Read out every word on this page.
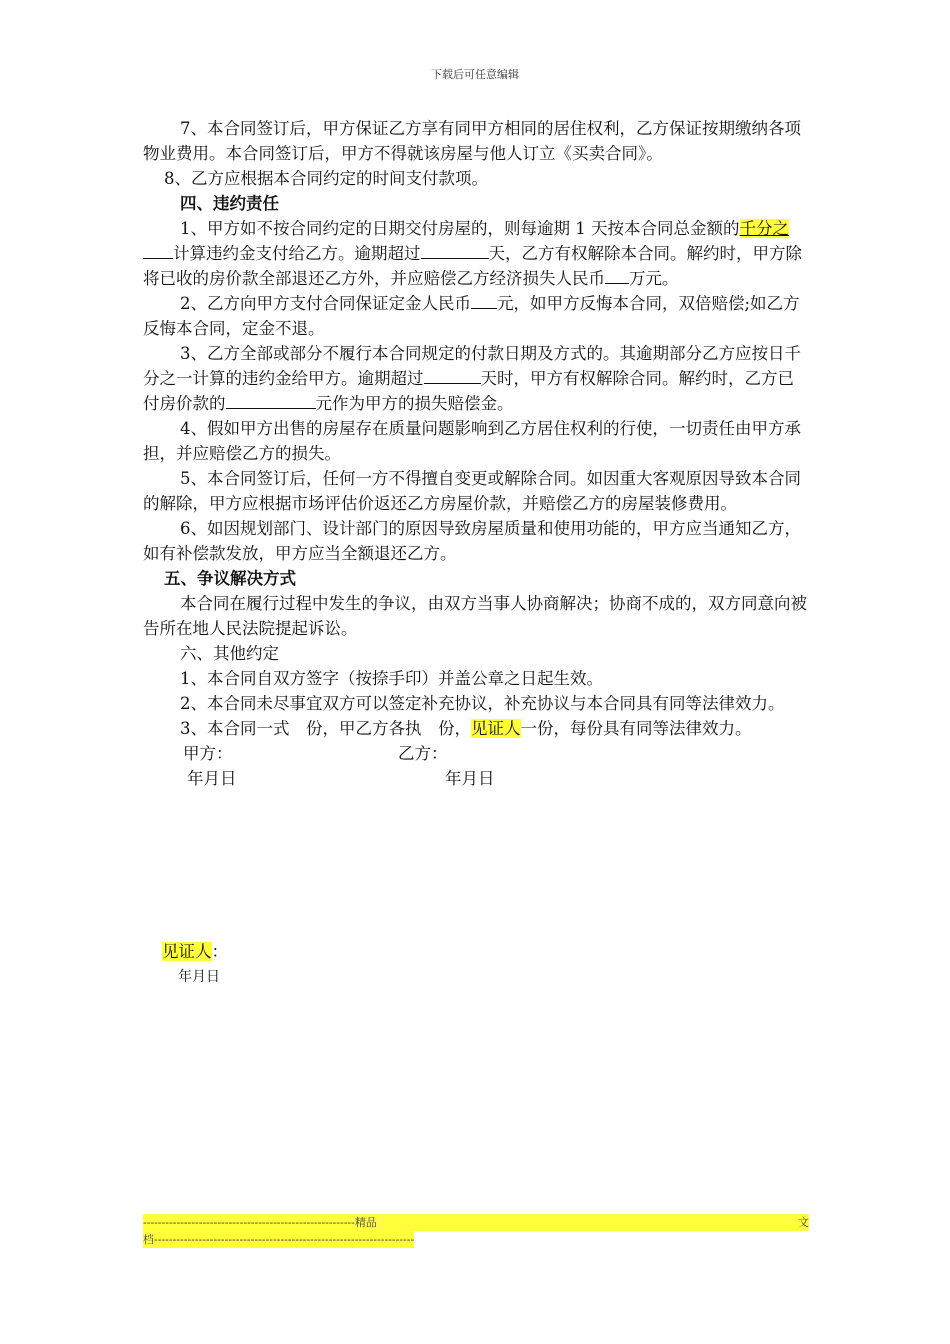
下载后可任意编辑

7、本合同签订后，甲方保证乙方享有同甲方相同的居住权利，乙方保证按期缴纳各项物业费用。本合同签订后，甲方不得就该房屋与他人订立《买卖合同》。

8、乙方应根据本合同约定的时间支付款项。

四、违约责任

1、甲方如不按合同约定的日期交付房屋的，则每逾期 1 天按本合同总金额的千分之计算违约金支付给乙方。逾期超过	天，乙方有权解除本合同。解约时，甲方除将已收的房价款全部退还乙方外，并应赔偿乙方经济损失人民币 万元。

2、乙方向甲方支付合同保证定金人民币 元，如甲方反悔本合同，双倍赔偿;如乙方反悔本合同，定金不退。

3、乙方全部或部分不履行本合同规定的付款日期及方式的。其逾期部分乙方应按日千分之一计算的违约金给甲方。逾期超过	天时，甲方有权解除合同。解约时，乙方已付房价款的	元作为甲方的损失赔偿金。

4、假如甲方出售的房屋存在质量问题影响到乙方居住权利的行使，一切责任由甲方承担，并应赔偿乙方的损失。

5、本合同签订后，任何一方不得擅自变更或解除合同。如因重大客观原因导致本合同的解除，甲方应根据市场评估价返还乙方房屋价款，并赔偿乙方的房屋装修费用。

6、如因规划部门、设计部门的原因导致房屋质量和使用功能的，甲方应当通知乙方，如有补偿款发放，甲方应当全额退还乙方。

五、争议解决方式

本合同在履行过程中发生的争议，由双方当事人协商解决；协商不成的，双方同意向被告所在地人民法院提起诉讼。

六、其他约定

1、本合同自双方签字（按捺手印）并盖公章之日起生效。

2、本合同未尽事宜双方可以签定补充协议，补充协议与本合同具有同等法律效力。

3、本合同一式　份，甲乙方各执　份，见证人一份，每份具有同等法律效力。

甲方：	乙方：
年月日	年月日
见证人：
年月日
--------------------------------------------------------- 精 品	文
档----------------------------------------------------------------------
